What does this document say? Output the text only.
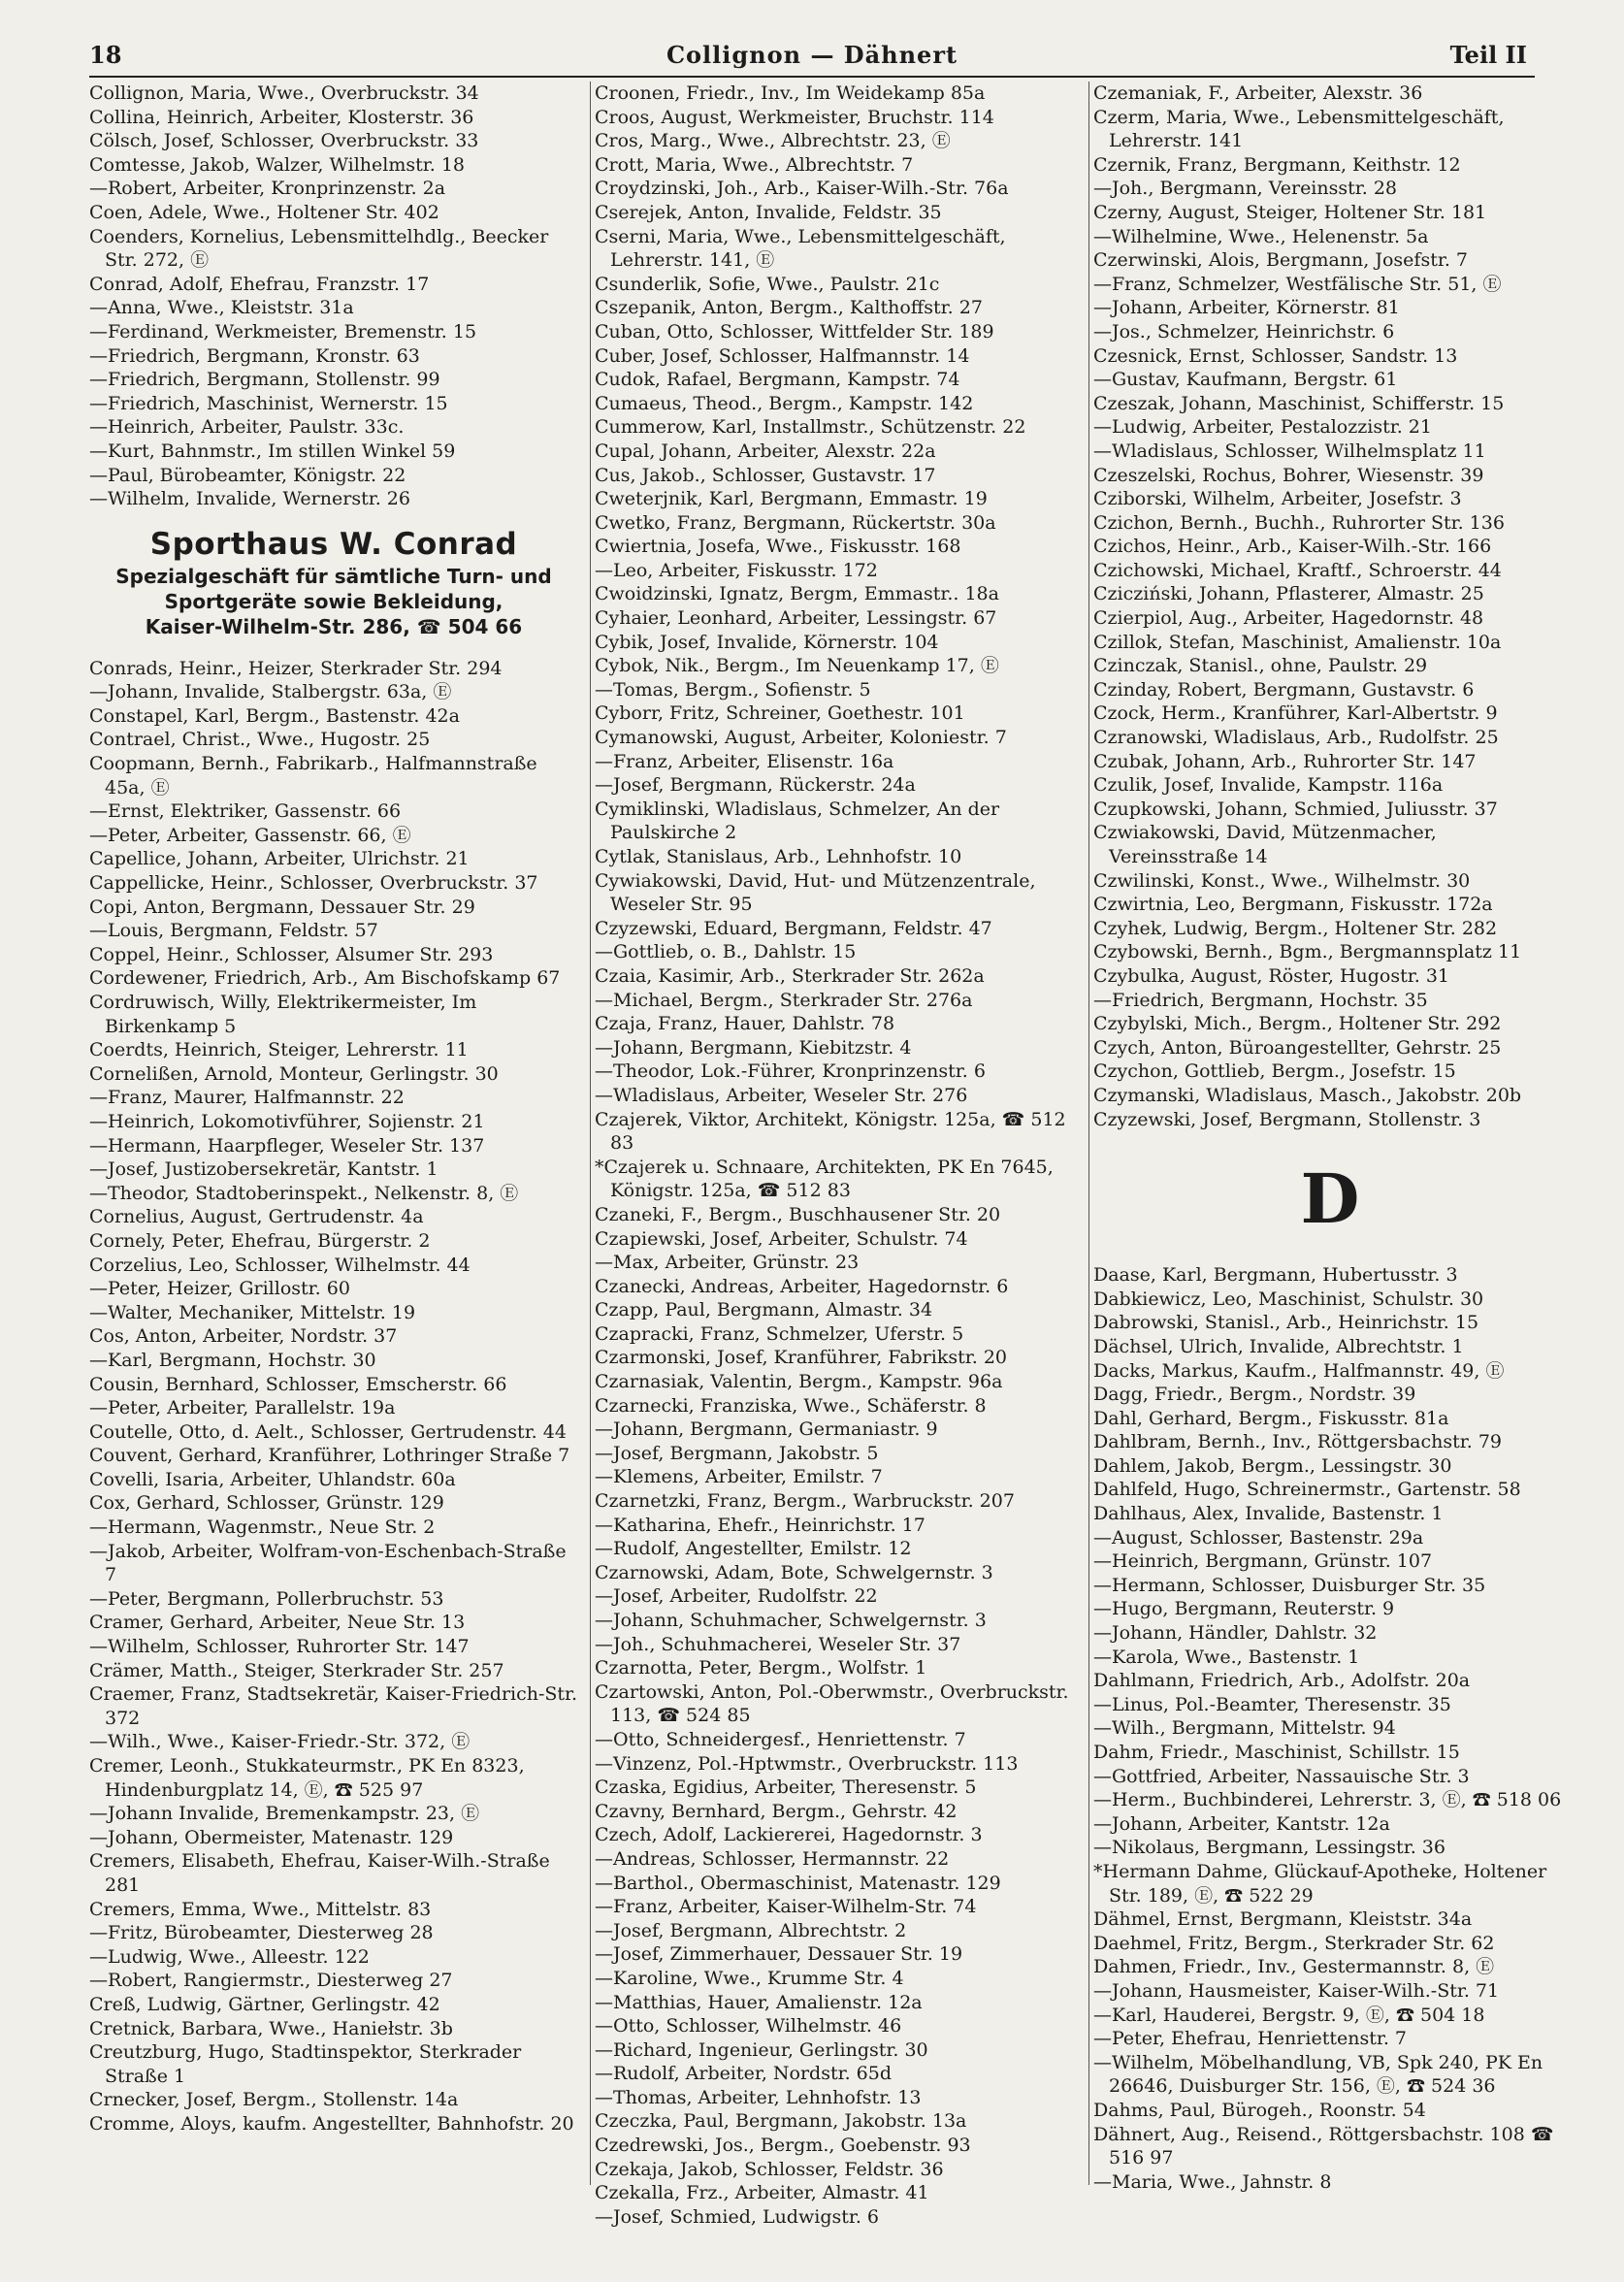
18	Collignon — Dähnert	Teil II
Collignon, Maria, Wwe., Overbruckstr. 34
Collina, Heinrich, Arbeiter, Klosterstr. 36
Cölsch, Josef, Schlosser, Overbruckstr. 33
Comtesse, Jakob, Walzer, Wilhelmstr. 18
—Robert, Arbeiter, Kronprinzenstr. 2a
Coen, Adele, Wwe., Holtener Str. 402
Coenders, Kornelius, Lebensmittelhdlg., Beecker Str. 272, Ⓔ
Conrad, Adolf, Ehefrau, Franzstr. 17
—Anna, Wwe., Kleiststr. 31a
—Ferdinand, Werkmeister, Bremenstr. 15
—Friedrich, Bergmann, Kronstr. 63
—Friedrich, Bergmann, Stollenstr. 99
—Friedrich, Maschinist, Wernerstr. 15
—Heinrich, Arbeiter, Paulstr. 33c.
—Kurt, Bahnmstr., Im stillen Winkel 59
—Paul, Bürobeamter, Königstr. 22
—Wilhelm, Invalide, Wernerstr. 26
Sporthaus W. Conrad
Spezialgeschäft für sämtliche Turn- und
Sportgeräte sowie Bekleidung,
Kaiser-Wilhelm-Str. 286, ☎ 504 66
Conrads, Heinr., Heizer, Sterkrader Str. 294
—Johann, Invalide, Stalbergstr. 63a, Ⓔ
Constapel, Karl, Bergm., Bastenstr. 42a
Contrael, Christ., Wwe., Hugostr. 25
Coopmann, Bernh., Fabrikarb., Halfmannstraße 45a, Ⓔ
—Ernst, Elektriker, Gassenstr. 66
—Peter, Arbeiter, Gassenstr. 66, Ⓔ
Capellice, Johann, Arbeiter, Ulrichstr. 21
Cappellicke, Heinr., Schlosser, Overbruckstr. 37
Copi, Anton, Bergmann, Dessauer Str. 29
—Louis, Bergmann, Feldstr. 57
Coppel, Heinr., Schlosser, Alsumer Str. 293
Cordewener, Friedrich, Arb., Am Bischofskamp 67
Cordruwisch, Willy, Elektrikermeister, Im Birkenkamp 5
Coerdts, Heinrich, Steiger, Lehrerstr. 11
Cornelißen, Arnold, Monteur, Gerlingstr. 30
—Franz, Maurer, Halfmannstr. 22
—Heinrich, Lokomotivführer, Sojienstr. 21
—Hermann, Haarpfleger, Weseler Str. 137
—Josef, Justizobersekretär, Kantstr. 1
—Theodor, Stadtoberinspekt., Nelkenstr. 8, Ⓔ
Cornelius, August, Gertrudenstr. 4a
Cornely, Peter, Ehefrau, Bürgerstr. 2
Corzelius, Leo, Schlosser, Wilhelmstr. 44
—Peter, Heizer, Grillostr. 60
—Walter, Mechaniker, Mittelstr. 19
Cos, Anton, Arbeiter, Nordstr. 37
—Karl, Bergmann, Hochstr. 30
Cousin, Bernhard, Schlosser, Emscherstr. 66
—Peter, Arbeiter, Parallelstr. 19a
Coutelle, Otto, d. Aelt., Schlosser, Gertrudenstr. 44
Couvent, Gerhard, Kranführer, Lothringer Straße 7
Covelli, Isaria, Arbeiter, Uhlandstr. 60a
Cox, Gerhard, Schlosser, Grünstr. 129
—Hermann, Wagenmstr., Neue Str. 2
—Jakob, Arbeiter, Wolfram-von-Eschenbach-Straße 7
—Peter, Bergmann, Pollerbruchstr. 53
Cramer, Gerhard, Arbeiter, Neue Str. 13
—Wilhelm, Schlosser, Ruhrorter Str. 147
Crämer, Matth., Steiger, Sterkrader Str. 257
Craemer, Franz, Stadtsekretär, Kaiser-Friedrich-Str. 372
—Wilh., Wwe., Kaiser-Friedr.-Str. 372, Ⓔ
Cremer, Leonh., Stukkateurmstr., PK En 8323, Hindenburgplatz 14, Ⓔ, ☎ 525 97
—Johann Invalide, Bremenkampstr. 23, Ⓔ
—Johann, Obermeister, Matenastr. 129
Cremers, Elisabeth, Ehefrau, Kaiser-Wilh.-Straße 281
Cremers, Emma, Wwe., Mittelstr. 83
—Fritz, Bürobeamter, Diesterweg 28
—Ludwig, Wwe., Alleestr. 122
—Robert, Rangiermstr., Diesterweg 27
Creß, Ludwig, Gärtner, Gerlingstr. 42
Cretnick, Barbara, Wwe., Haniełstr. 3b
Creutzburg, Hugo, Stadtinspektor, Sterkrader Straße 1
Crnecker, Josef, Bergm., Stollenstr. 14a
Cromme, Aloys, kaufm. Angestellter, Bahnhofstr. 20
Croonen, Friedr., Inv., Im Weidekamp 85a
Croos, August, Werkmeister, Bruchstr. 114
Cros, Marg., Wwe., Albrechtstr. 23, Ⓔ
Crott, Maria, Wwe., Albrechtstr. 7
Croydzinski, Joh., Arb., Kaiser-Wilh.-Str. 76a
Cserejek, Anton, Invalide, Feldstr. 35
Cserni, Maria, Wwe., Lebensmittelgeschäft, Lehrerstr. 141, Ⓔ
Csunderlik, Sofie, Wwe., Paulstr. 21c
Cszepanik, Anton, Bergm., Kalthoffstr. 27
Cuban, Otto, Schlosser, Wittfelder Str. 189
Cuber, Josef, Schlosser, Halfmannstr. 14
Cudok, Rafael, Bergmann, Kampstr. 74
Cumaeus, Theod., Bergm., Kampstr. 142
Cummerow, Karl, Installmstr., Schützenstr. 22
Cupal, Johann, Arbeiter, Alexstr. 22a
Cus, Jakob., Schlosser, Gustavstr. 17
Cweterjnik, Karl, Bergmann, Emmastr. 19
Cwetko, Franz, Bergmann, Rückertstr. 30a
Cwiertnia, Josefa, Wwe., Fiskusstr. 168
—Leo, Arbeiter, Fiskusstr. 172
Cwoidzinski, Ignatz, Bergm, Emmastr.. 18a
Cyhaier, Leonhard, Arbeiter, Lessingstr. 67
Cybik, Josef, Invalide, Körnerstr. 104
Cybok, Nik., Bergm., Im Neuenkamp 17, Ⓔ
—Tomas, Bergm., Sofienstr. 5
Cyborr, Fritz, Schreiner, Goethestr. 101
Cymanowski, August, Arbeiter, Koloniestr. 7
—Franz, Arbeiter, Elisenstr. 16a
—Josef, Bergmann, Rückerstr. 24a
Cymiklinski, Wladislaus, Schmelzer, An der Paulskirche 2
Cytlak, Stanislaus, Arb., Lehnhofstr. 10
Cywiakowski, David, Hut- und Mützenzentrale, Weseler Str. 95
Czyzewski, Eduard, Bergmann, Feldstr. 47
—Gottlieb, o. B., Dahlstr. 15
Czaia, Kasimir, Arb., Sterkrader Str. 262a
—Michael, Bergm., Sterkrader Str. 276a
Czaja, Franz, Hauer, Dahlstr. 78
—Johann, Bergmann, Kiebitzstr. 4
—Theodor, Lok.-Führer, Kronprinzenstr. 6
—Wladislaus, Arbeiter, Weseler Str. 276
Czajerek, Viktor, Architekt, Königstr. 125a, ☎ 512 83
*Czajerek u. Schnaare, Architekten, PK En 7645, Königstr. 125a, ☎ 512 83
Czaneki, F., Bergm., Buschhausener Str. 20
Czapiewski, Josef, Arbeiter, Schulstr. 74
—Max, Arbeiter, Grünstr. 23
Czanecki, Andreas, Arbeiter, Hagedornstr. 6
Czapp, Paul, Bergmann, Almastr. 34
Czapracki, Franz, Schmelzer, Uferstr. 5
Czarmonski, Josef, Kranführer, Fabrikstr. 20
Czarnasiak, Valentin, Bergm., Kampstr. 96a
Czarnecki, Franziska, Wwe., Schäferstr. 8
—Johann, Bergmann, Germaniastr. 9
—Josef, Bergmann, Jakobstr. 5
—Klemens, Arbeiter, Emilstr. 7
Czarnetzki, Franz, Bergm., Warbruckstr. 207
—Katharina, Ehefr., Heinrichstr. 17
—Rudolf, Angestellter, Emilstr. 12
Czarnowski, Adam, Bote, Schwelgernstr. 3
—Josef, Arbeiter, Rudolfstr. 22
—Johann, Schuhmacher, Schwelgernstr. 3
—Joh., Schuhmacherei, Weseler Str. 37
Czarnotta, Peter, Bergm., Wolfstr. 1
Czartowski, Anton, Pol.-Oberwmstr., Overbruckstr. 113, ☎ 524 85
—Otto, Schneidergesf., Henriettenstr. 7
—Vinzenz, Pol.-Hptwmstr., Overbruckstr. 113
Czaska, Egidius, Arbeiter, Theresenstr. 5
Czavny, Bernhard, Bergm., Gehrstr. 42
Czech, Adolf, Lackiererei, Hagedornstr. 3
—Andreas, Schlosser, Hermannstr. 22
—Barthol., Obermaschinist, Matenastr. 129
—Franz, Arbeiter, Kaiser-Wilhelm-Str. 74
—Josef, Bergmann, Albrechtstr. 2
—Josef, Zimmerhauer, Dessauer Str. 19
—Karoline, Wwe., Krumme Str. 4
—Matthias, Hauer, Amalienstr. 12a
—Otto, Schlosser, Wilhelmstr. 46
—Richard, Ingenieur, Gerlingstr. 30
—Rudolf, Arbeiter, Nordstr. 65d
—Thomas, Arbeiter, Lehnhofstr. 13
Czeczka, Paul, Bergmann, Jakobstr. 13a
Czedrewski, Jos., Bergm., Goebenstr. 93
Czekaja, Jakob, Schlosser, Feldstr. 36
Czekalla, Frz., Arbeiter, Almastr. 41
—Josef, Schmied, Ludwigstr. 6
Czemaniak, F., Arbeiter, Alexstr. 36
Czerm, Maria, Wwe., Lebensmittelgeschäft, Lehrerstr. 141
Czernik, Franz, Bergmann, Keithstr. 12
—Joh., Bergmann, Vereinsstr. 28
Czerny, August, Steiger, Holtener Str. 181
—Wilhelmine, Wwe., Helenenstr. 5a
Czerwinski, Alois, Bergmann, Josefstr. 7
—Franz, Schmelzer, Westfälische Str. 51, Ⓔ
—Johann, Arbeiter, Körnerstr. 81
—Jos., Schmelzer, Heinrichstr. 6
Czesnick, Ernst, Schlosser, Sandstr. 13
—Gustav, Kaufmann, Bergstr. 61
Czeszak, Johann, Maschinist, Schifferstr. 15
—Ludwig, Arbeiter, Pestalozzistr. 21
—Wladislaus, Schlosser, Wilhelmsplatz 11
Czeszelski, Rochus, Bohrer, Wiesenstr. 39
Cziborski, Wilhelm, Arbeiter, Josefstr. 3
Czichon, Bernh., Buchh., Ruhrorter Str. 136
Czichos, Heinr., Arb., Kaiser-Wilh.-Str. 166
Czichowski, Michael, Kraftf., Schroerstr. 44
Czicziński, Johann, Pflasterer, Almastr. 25
Czierpiol, Aug., Arbeiter, Hagedornstr. 48
Czillok, Stefan, Maschinist, Amalienstr. 10a
Czinczak, Stanisl., ohne, Paulstr. 29
Czinday, Robert, Bergmann, Gustavstr. 6
Czock, Herm., Kranführer, Karl-Albertstr. 9
Czranowski, Wladislaus, Arb., Rudolfstr. 25
Czubak, Johann, Arb., Ruhrorter Str. 147
Czulik, Josef, Invalide, Kampstr. 116a
Czupkowski, Johann, Schmied, Juliusstr. 37
Czwiakowski, David, Mützenmacher, Vereinsstraße 14
Czwilinski, Konst., Wwe., Wilhelmstr. 30
Czwirtnia, Leo, Bergmann, Fiskusstr. 172a
Czyhek, Ludwig, Bergm., Holtener Str. 282
Czybowski, Bernh., Bgm., Bergmannsplatz 11
Czybulka, August, Röster, Hugostr. 31
—Friedrich, Bergmann, Hochstr. 35
Czybylski, Mich., Bergm., Holtener Str. 292
Czych, Anton, Büroangestellter, Gehrstr. 25
Czychon, Gottlieb, Bergm., Josefstr. 15
Czymanski, Wladislaus, Masch., Jakobstr. 20b
Czyzewski, Josef, Bergmann, Stollenstr. 3
D
Daase, Karl, Bergmann, Hubertusstr. 3
Dabkiewicz, Leo, Maschinist, Schulstr. 30
Dabrowski, Stanisl., Arb., Heinrichstr. 15
Dächsel, Ulrich, Invalide, Albrechtstr. 1
Dacks, Markus, Kaufm., Halfmannstr. 49, Ⓔ
Dagg, Friedr., Bergm., Nordstr. 39
Dahl, Gerhard, Bergm., Fiskusstr. 81a
Dahlbram, Bernh., Inv., Röttgersbachstr. 79
Dahlem, Jakob, Bergm., Lessingstr. 30
Dahlfeld, Hugo, Schreinermstr., Gartenstr. 58
Dahlhaus, Alex, Invalide, Bastenstr. 1
—August, Schlosser, Bastenstr. 29a
—Heinrich, Bergmann, Grünstr. 107
—Hermann, Schlosser, Duisburger Str. 35
—Hugo, Bergmann, Reuterstr. 9
—Johann, Händler, Dahlstr. 32
—Karola, Wwe., Bastenstr. 1
Dahlmann, Friedrich, Arb., Adolfstr. 20a
—Linus, Pol.-Beamter, Theresenstr. 35
—Wilh., Bergmann, Mittelstr. 94
Dahm, Friedr., Maschinist, Schillstr. 15
—Gottfried, Arbeiter, Nassauische Str. 3
—Herm., Buchbinderei, Lehrerstr. 3, Ⓔ, ☎ 518 06
—Johann, Arbeiter, Kantstr. 12a
—Nikolaus, Bergmann, Lessingstr. 36
*Hermann Dahme, Glückauf-Apotheke, Holtener Str. 189, Ⓔ, ☎ 522 29
Dähmel, Ernst, Bergmann, Kleiststr. 34a
Daehmel, Fritz, Bergm., Sterkrader Str. 62
Dahmen, Friedr., Inv., Gestermannstr. 8, Ⓔ
—Johann, Hausmeister, Kaiser-Wilh.-Str. 71
—Karl, Hauderei, Bergstr. 9, Ⓔ, ☎ 504 18
—Peter, Ehefrau, Henriettenstr. 7
—Wilhelm, Möbelhandlung, VB, Spk 240, PK En 26646, Duisburger Str. 156, Ⓔ, ☎ 524 36
Dahms, Paul, Bürogeh., Roonstr. 54
Dähnert, Aug., Reisend., Röttgersbachstr. 108 ☎ 516 97
—Maria, Wwe., Jahnstr. 8
